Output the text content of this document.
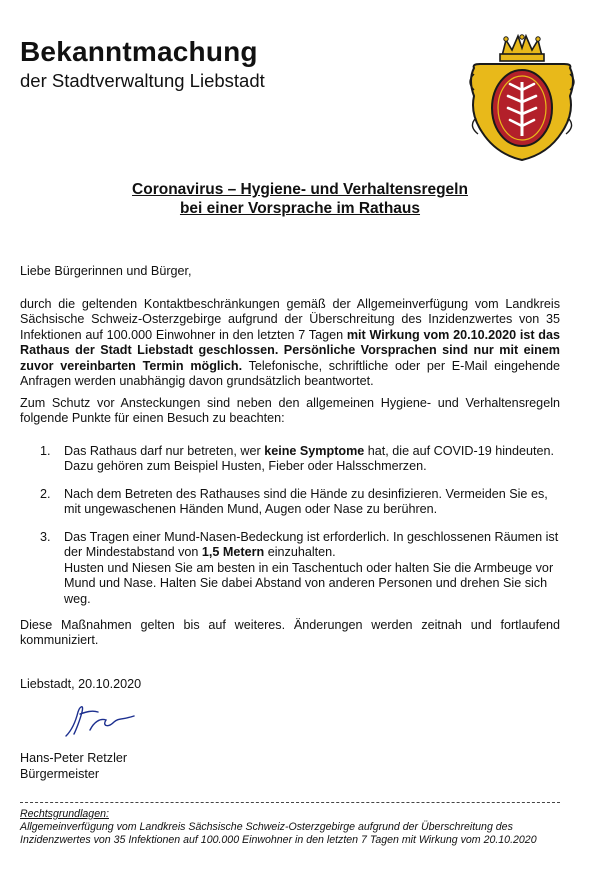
Bekanntmachung
der Stadtverwaltung Liebstadt
Coronavirus – Hygiene- und Verhaltensregeln
bei einer Vorsprache im Rathaus
Liebe Bürgerinnen und Bürger,
durch die geltenden Kontaktbeschränkungen gemäß der Allgemeinverfügung vom Landkreis Sächsische Schweiz-Osterzgebirge aufgrund der Überschreitung des Inzidenzwertes von 35 Infektionen auf 100.000 Einwohner in den letzten 7 Tagen mit Wirkung vom 20.10.2020 ist das Rathaus der Stadt Liebstadt geschlossen. Persönliche Vorsprachen sind nur mit einem zuvor vereinbarten Termin möglich. Telefonische, schriftliche oder per E-Mail eingehende Anfragen werden unabhängig davon grundsätzlich beantwortet.
Zum Schutz vor Ansteckungen sind neben den allgemeinen Hygiene- und Verhaltensregeln folgende Punkte für einen Besuch zu beachten:
1.	Das Rathaus darf nur betreten, wer keine Symptome hat, die auf COVID-19 hindeuten. Dazu gehören zum Beispiel Husten, Fieber oder Halsschmerzen.
2.	Nach dem Betreten des Rathauses sind die Hände zu desinfizieren. Vermeiden Sie es, mit ungewaschenen Händen Mund, Augen oder Nase zu berühren.
3.	Das Tragen einer Mund-Nasen-Bedeckung ist erforderlich. In geschlossenen Räumen ist der Mindestabstand von 1,5 Metern einzuhalten.
Husten und Niesen Sie am besten in ein Taschentuch oder halten Sie die Armbeuge vor Mund und Nase. Halten Sie dabei Abstand von anderen Personen und drehen Sie sich weg.
Diese Maßnahmen gelten bis auf weiteres. Änderungen werden zeitnah und fortlaufend kommuniziert.
Liebstadt, 20.10.2020
Hans-Peter Retzler
Bürgermeister
Rechtsgrundlagen:
Allgemeinverfügung vom Landkreis Sächsische Schweiz-Osterzgebirge aufgrund der Überschreitung des Inzidenzwertes von 35 Infektionen auf 100.000 Einwohner in den letzten 7 Tagen mit Wirkung vom 20.10.2020
